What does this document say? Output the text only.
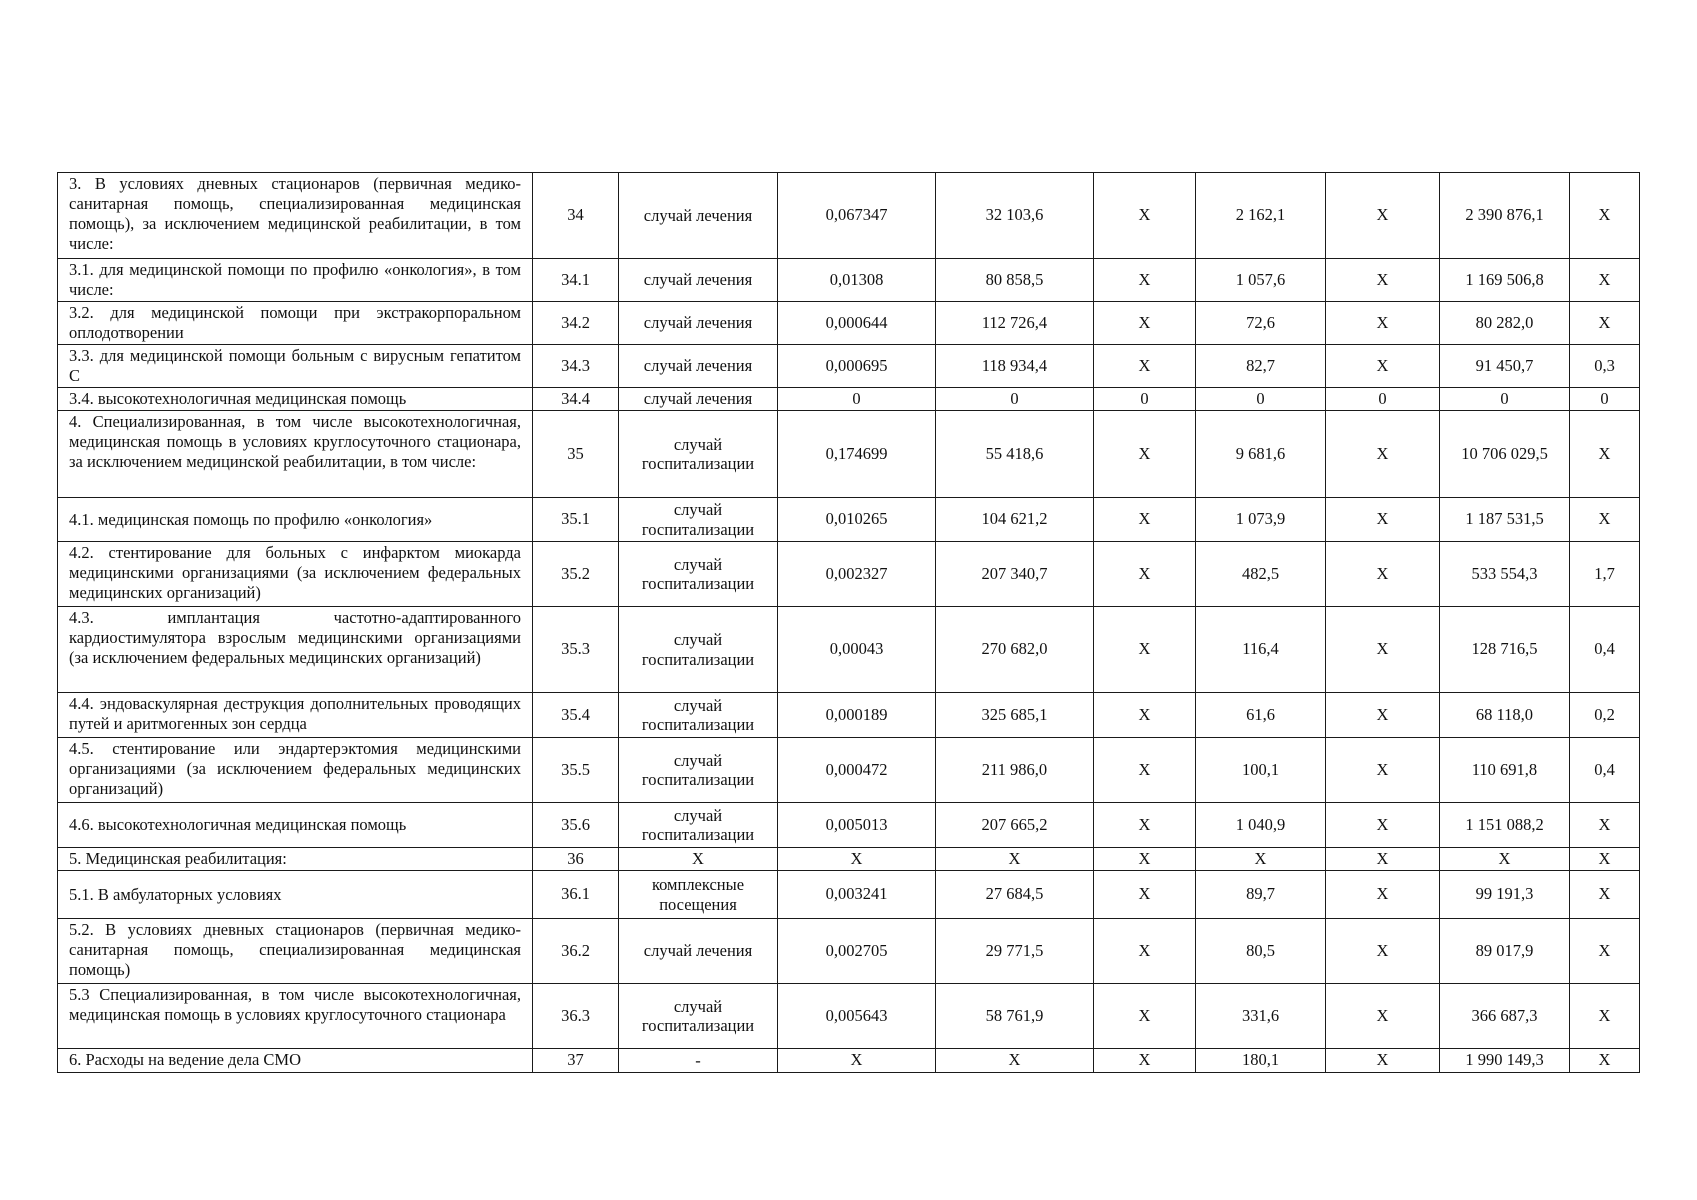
3. В условиях дневных стационаров (первичная медико-санитарная помощь, специализированная медицинская помощь), за исключением медицинской реабилитации, в том числе:	34	случай лечения	0,067347	32 103,6	X	2 162,1	X	2 390 876,1	X
3.1. для медицинской помощи по профилю «онкология», в том числе:	34.1	случай лечения	0,01308	80 858,5	X	1 057,6	X	1 169 506,8	X
3.2. для медицинской помощи при экстракорпоральном оплодотворении	34.2	случай лечения	0,000644	112 726,4	X	72,6	X	80 282,0	X
3.3. для медицинской помощи больным с вирусным гепатитом С	34.3	случай лечения	0,000695	118 934,4	X	82,7	X	91 450,7	0,3
3.4. высокотехнологичная медицинская помощь	34.4	случай лечения	0	0	0	0	0	0	0
4. Специализированная, в том числе высокотехнологичная, медицинская помощь в условиях круглосуточного стационара, за исключением медицинской реабилитации, в том числе:	35	случай госпитализации	0,174699	55 418,6	X	9 681,6	X	10 706 029,5	X
4.1. медицинская помощь по профилю «онкология»	35.1	случай госпитализации	0,010265	104 621,2	X	1 073,9	X	1 187 531,5	X
4.2. стентирование для больных с инфарктом миокарда медицинскими организациями (за исключением федеральных медицинских организаций)	35.2	случай госпитализации	0,002327	207 340,7	X	482,5	X	533 554,3	1,7
4.3. имплантация частотно-адаптированного кардиостимулятора взрослым медицинскими организациями (за исключением федеральных медицинских организаций)	35.3	случай госпитализации	0,00043	270 682,0	X	116,4	X	128 716,5	0,4
4.4. эндоваскулярная деструкция дополнительных проводящих путей и аритмогенных зон сердца	35.4	случай госпитализации	0,000189	325 685,1	X	61,6	X	68 118,0	0,2
4.5. стентирование или эндартерэктомия медицинскими организациями (за исключением федеральных медицинских организаций)	35.5	случай госпитализации	0,000472	211 986,0	X	100,1	X	110 691,8	0,4
4.6. высокотехнологичная медицинская помощь	35.6	случай госпитализации	0,005013	207 665,2	X	1 040,9	X	1 151 088,2	X
5. Медицинская реабилитация:	36	X	X	X	X	X	X	X	X
5.1. В амбулаторных условиях	36.1	комплексные посещения	0,003241	27 684,5	X	89,7	X	99 191,3	X
5.2. В условиях дневных стационаров (первичная медико-санитарная помощь, специализированная медицинская помощь)	36.2	случай лечения	0,002705	29 771,5	X	80,5	X	89 017,9	X
5.3 Специализированная, в том числе высокотехнологичная, медицинская помощь в условиях круглосуточного стационара	36.3	случай госпитализации	0,005643	58 761,9	X	331,6	X	366 687,3	X
6. Расходы на ведение дела СМО	37	-	X	X	X	180,1	X	1 990 149,3	X
